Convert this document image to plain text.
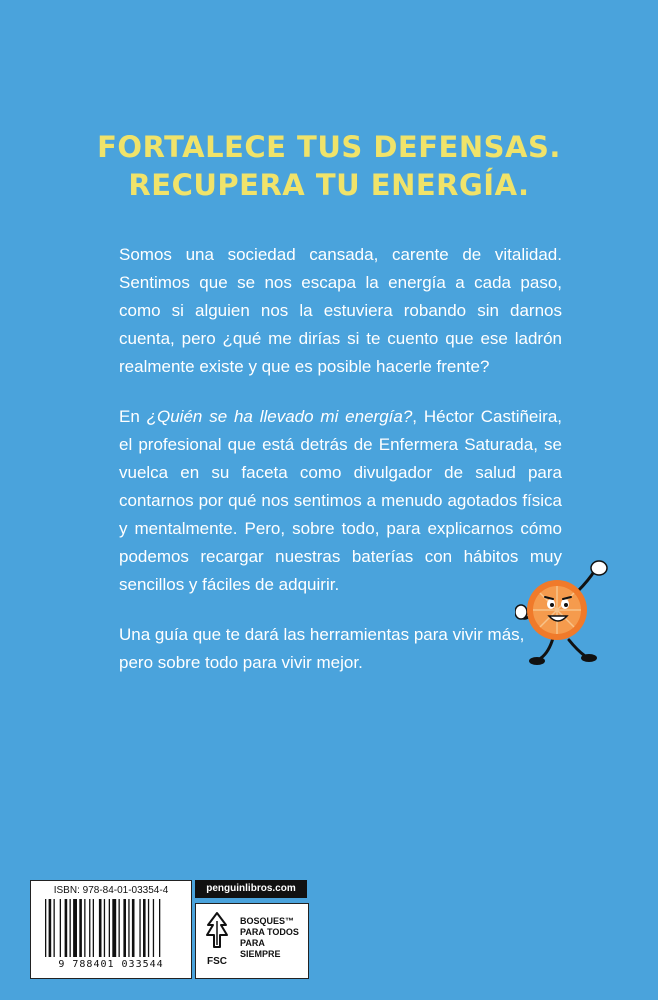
FORTALECE TUS DEFENSAS.
RECUPERA TU ENERGÍA.

Somos una sociedad cansada, carente de vitalidad. Sentimos que se nos escapa la energía a cada paso, como si alguien nos la estuviera robando sin darnos cuenta, pero ¿qué me dirías si te cuento que ese ladrón realmente existe y que es posible hacerle frente?

En ¿Quién se ha llevado mi energía?, Héctor Castiñeira, el profesional que está detrás de Enfermera Saturada, se vuelca en su faceta como divulgador de salud para contarnos por qué nos sentimos a menudo agotados física y mentalmente. Pero, sobre todo, para explicarnos cómo podemos recargar nuestras baterías con hábitos muy sencillos y fáciles de adquirir.

Una guía que te dará las herramientas para vivir más, pero sobre todo para vivir mejor.

ISBN: 978-84-01-03354-4
9 788401 033544
penguinlibros.com
FSC
BOSQUES™
PARA TODOS
PARA SIEMPRE
